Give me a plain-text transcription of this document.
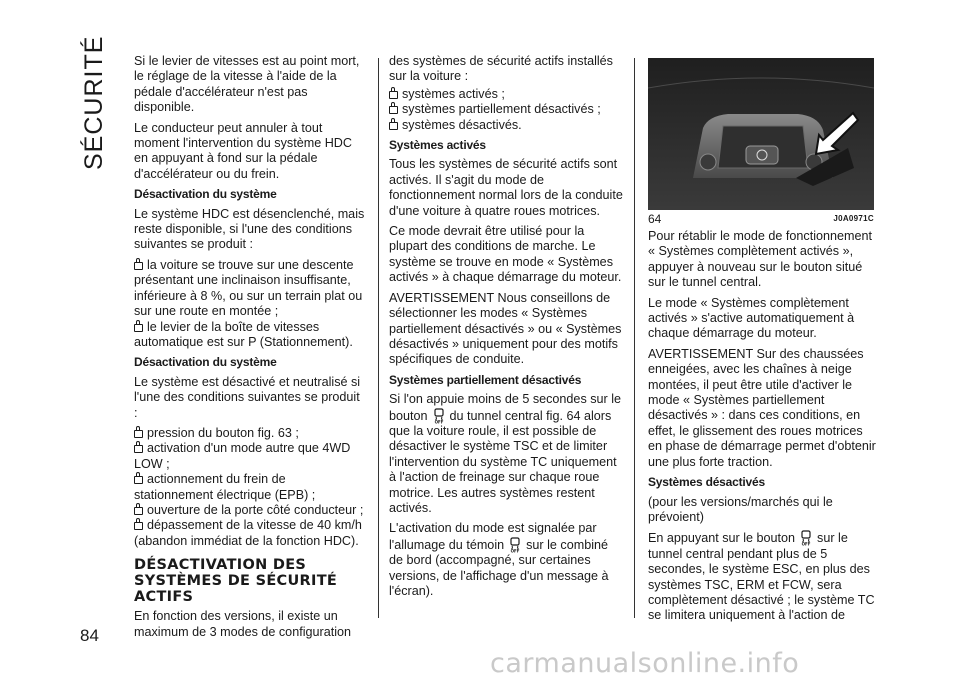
SÉCURITÉ
84

Si le levier de vitesses est au point mort, le réglage de la vitesse à l'aide de la pédale d'accélérateur n'est pas disponible.

Le conducteur peut annuler à tout moment l'intervention du système HDC en appuyant à fond sur la pédale d'accélérateur ou du frein.

Désactivation du système

Le système HDC est désenclenché, mais reste disponible, si l'une des conditions suivantes se produit :

la voiture se trouve sur une descente présentant une inclinaison insuffisante, inférieure à 8 %, ou sur un terrain plat ou sur une route en montée ;

le levier de la boîte de vitesses automatique est sur P (Stationnement).

Désactivation du système

Le système est désactivé et neutralisé si l'une des conditions suivantes se produit :

pression du bouton fig. 63 ;

activation d'un mode autre que 4WD LOW ;

actionnement du frein de stationnement électrique (EPB) ;

ouverture de la porte côté conducteur ;

dépassement de la vitesse de 40 km/h (abandon immédiat de la fonction HDC).

DÉSACTIVATION DES SYSTÈMES DE SÉCURITÉ ACTIFS

En fonction des versions, il existe un maximum de 3 modes de configuration

des systèmes de sécurité actifs installés sur la voiture :

systèmes activés ;

systèmes partiellement désactivés ;

systèmes désactivés.

Systèmes activés

Tous les systèmes de sécurité actifs sont activés. Il s'agit du mode de fonctionnement normal lors de la conduite d'une voiture à quatre roues motrices.

Ce mode devrait être utilisé pour la plupart des conditions de marche. Le système se trouve en mode « Systèmes activés » à chaque démarrage du moteur.

AVERTISSEMENT Nous conseillons de sélectionner les modes « Systèmes partiellement désactivés » ou « Systèmes désactivés » uniquement pour des motifs spécifiques de conduite.

Systèmes partiellement désactivés

Si l'on appuie moins de 5 secondes sur le bouton OFF du tunnel central fig. 64 alors que la voiture roule, il est possible de désactiver le système TSC et de limiter l'intervention du système TC uniquement à l'action de freinage sur chaque roue motrice. Les autres systèmes restent activés.

L'activation du mode est signalée par l'allumage du témoin OFF sur le combiné de bord (accompagné, sur certaines versions, de l'affichage d'un message à l'écran).

64	J0A0971C

Pour rétablir le mode de fonctionnement « Systèmes complètement activés », appuyer à nouveau sur le bouton situé sur le tunnel central.

Le mode « Systèmes complètement activés » s'active automatiquement à chaque démarrage du moteur.

AVERTISSEMENT Sur des chaussées enneigées, avec les chaînes à neige montées, il peut être utile d'activer le mode « Systèmes partiellement désactivés » : dans ces conditions, en effet, le glissement des roues motrices en phase de démarrage permet d'obtenir une plus forte traction.

Systèmes désactivés

(pour les versions/marchés qui le prévoient)

En appuyant sur le bouton OFF sur le tunnel central pendant plus de 5 secondes, le système ESC, en plus des systèmes TSC, ERM et FCW, sera complètement désactivé ; le système TC se limitera uniquement à l'action de

carmanualsonline.info
